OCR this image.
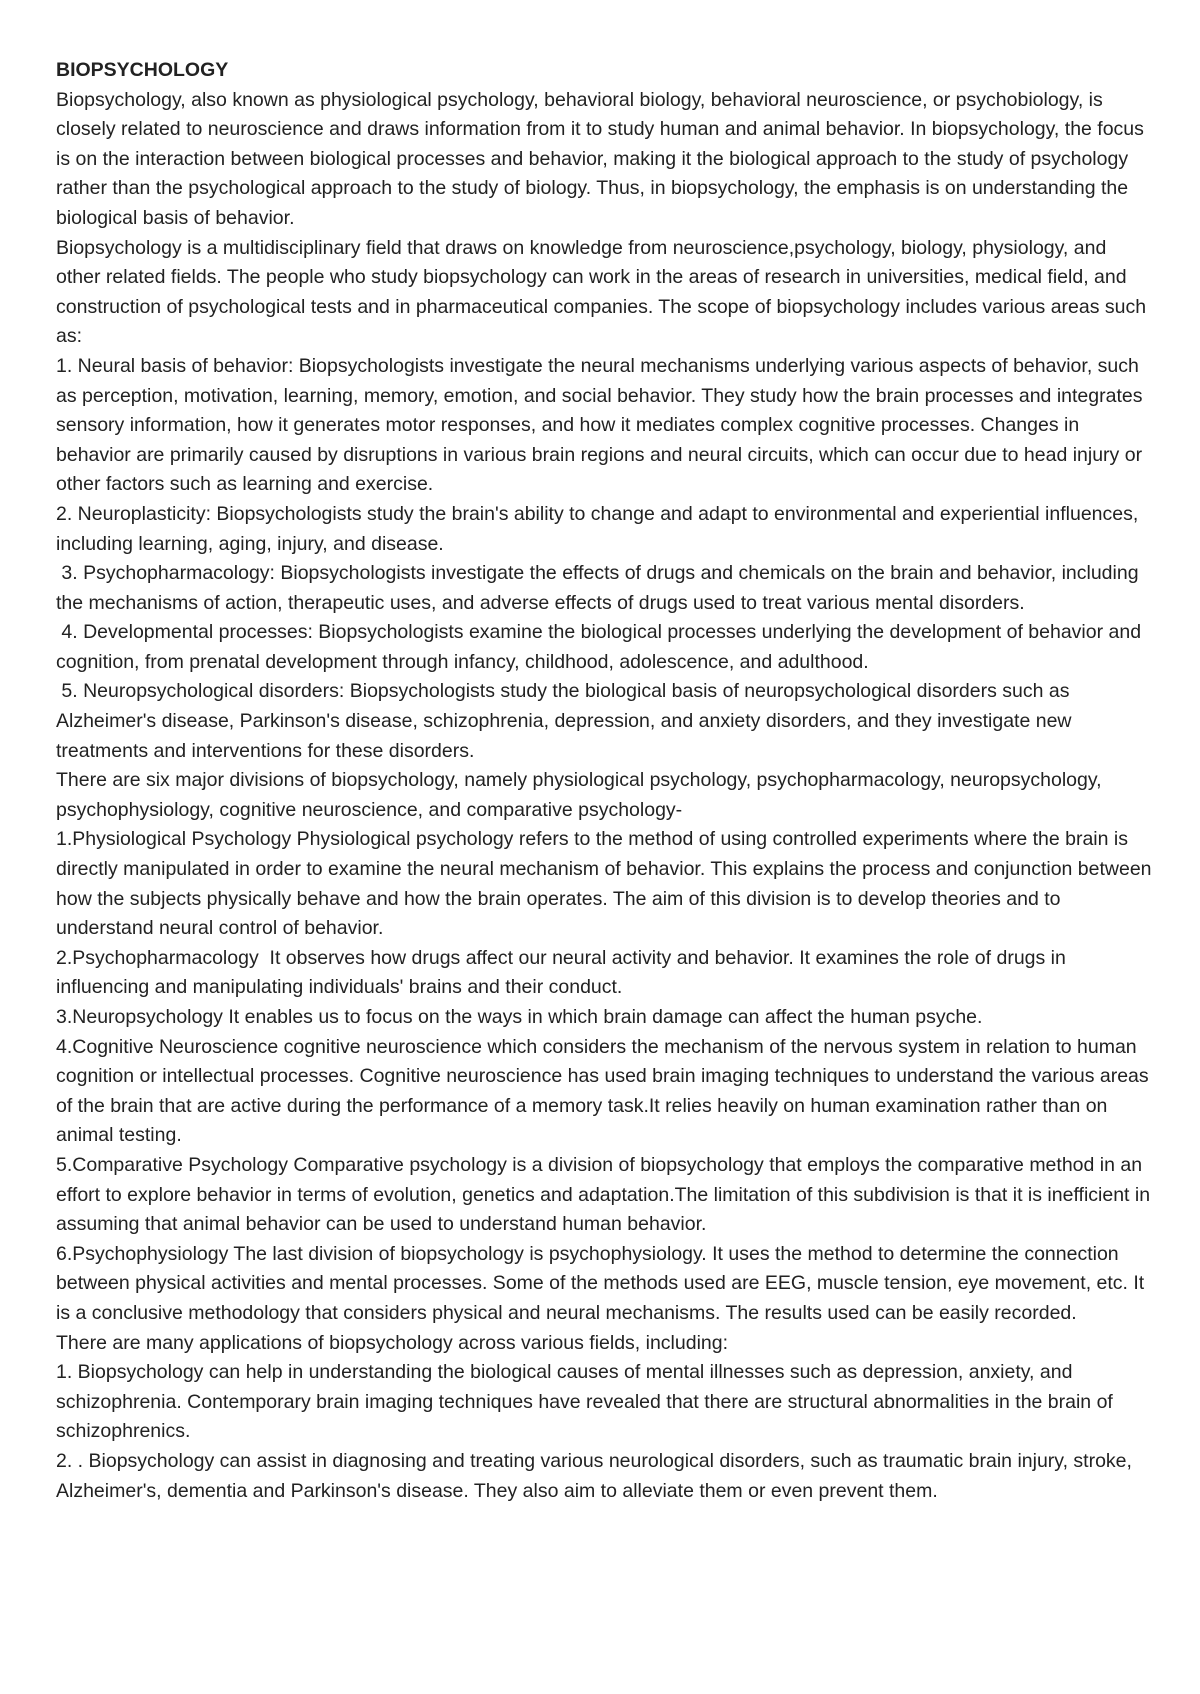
BIOPSYCHOLOGY

Biopsychology, also known as physiological psychology, behavioral biology, behavioral neuroscience, or psychobiology, is closely related to neuroscience and draws information from it to study human and animal behavior. In biopsychology, the focus is on the interaction between biological processes and behavior, making it the biological approach to the study of psychology rather than the psychological approach to the study of biology. Thus, in biopsychology, the emphasis is on understanding the biological basis of behavior.

Biopsychology is a multidisciplinary field that draws on knowledge from neuroscience,psychology, biology, physiology, and other related fields. The people who study biopsychology can work in the areas of research in universities, medical field, and construction of psychological tests and in pharmaceutical companies. The scope of biopsychology includes various areas such as:

1. Neural basis of behavior: Biopsychologists investigate the neural mechanisms underlying various aspects of behavior, such as perception, motivation, learning, memory, emotion, and social behavior. They study how the brain processes and integrates sensory information, how it generates motor responses, and how it mediates complex cognitive processes. Changes in behavior are primarily caused by disruptions in various brain regions and neural circuits, which can occur due to head injury or other factors such as learning and exercise.

2. Neuroplasticity: Biopsychologists study the brain's ability to change and adapt to environmental and experiential influences, including learning, aging, injury, and disease.

3. Psychopharmacology: Biopsychologists investigate the effects of drugs and chemicals on the brain and behavior, including the mechanisms of action, therapeutic uses, and adverse effects of drugs used to treat various mental disorders.

4. Developmental processes: Biopsychologists examine the biological processes underlying the development of behavior and cognition, from prenatal development through infancy, childhood, adolescence, and adulthood.

5. Neuropsychological disorders: Biopsychologists study the biological basis of neuropsychological disorders such as Alzheimer's disease, Parkinson's disease, schizophrenia, depression, and anxiety disorders, and they investigate new treatments and interventions for these disorders.

There are six major divisions of biopsychology, namely physiological psychology, psychopharmacology, neuropsychology, psychophysiology, cognitive neuroscience, and comparative psychology-

1.Physiological Psychology Physiological psychology refers to the method of using controlled experiments where the brain is directly manipulated in order to examine the neural mechanism of behavior. This explains the process and conjunction between how the subjects physically behave and how the brain operates. The aim of this division is to develop theories and to understand neural control of behavior.

2.Psychopharmacology  It observes how drugs affect our neural activity and behavior. It examines the role of drugs in influencing and manipulating individuals' brains and their conduct.

3.Neuropsychology It enables us to focus on the ways in which brain damage can affect the human psyche.

4.Cognitive Neuroscience cognitive neuroscience which considers the mechanism of the nervous system in relation to human cognition or intellectual processes. Cognitive neuroscience has used brain imaging techniques to understand the various areas of the brain that are active during the performance of a memory task.It relies heavily on human examination rather than on animal testing.

5.Comparative Psychology Comparative psychology is a division of biopsychology that employs the comparative method in an effort to explore behavior in terms of evolution, genetics and adaptation.The limitation of this subdivision is that it is inefficient in assuming that animal behavior can be used to understand human behavior.

6.Psychophysiology The last division of biopsychology is psychophysiology. It uses the method to determine the connection between physical activities and mental processes. Some of the methods used are EEG, muscle tension, eye movement, etc. It is a conclusive methodology that considers physical and neural mechanisms. The results used can be easily recorded.

There are many applications of biopsychology across various fields, including:

1. Biopsychology can help in understanding the biological causes of mental illnesses such as depression, anxiety, and schizophrenia. Contemporary brain imaging techniques have revealed that there are structural abnormalities in the brain of schizophrenics.

2. . Biopsychology can assist in diagnosing and treating various neurological disorders, such as traumatic brain injury, stroke, Alzheimer's, dementia and Parkinson's disease. They also aim to alleviate them or even prevent them.
